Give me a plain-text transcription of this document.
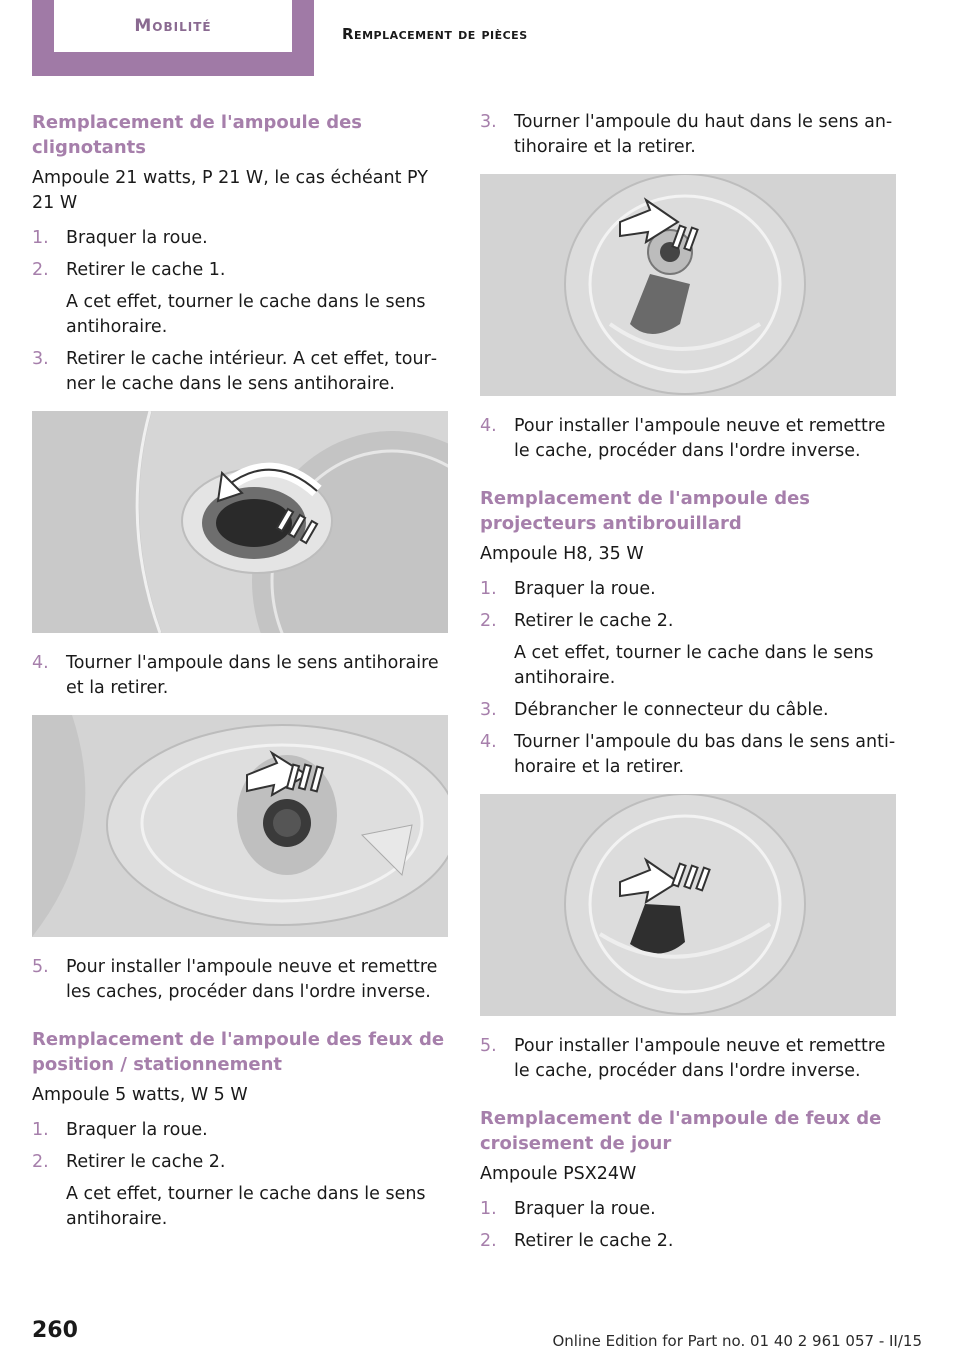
Mobilité	Remplacement de pièces
Remplacement de l'ampoule des clignotants

Ampoule 21 watts, P 21 W, le cas échéant PY 21 W

1. Braquer la roue.

2. Retirer le cache 1.

A cet effet, tourner le cache dans le sens antihoraire.

3. Retirer le cache intérieur. A cet effet, tourner le cache dans le sens antihoraire.

4. Tourner l'ampoule dans le sens antihoraire et la retirer.

5. Pour installer l'ampoule neuve et remettre les caches, procéder dans l'ordre inverse.

Remplacement de l'ampoule des feux de position / stationnement

Ampoule 5 watts, W 5 W

1. Braquer la roue.

2. Retirer le cache 2.

A cet effet, tourner le cache dans le sens antihoraire.

3. Tourner l'ampoule du haut dans le sens antihoraire et la retirer.

4. Pour installer l'ampoule neuve et remettre le cache, procéder dans l'ordre inverse.

Remplacement de l'ampoule des projecteurs antibrouillard

Ampoule H8, 35 W

1. Braquer la roue.

2. Retirer le cache 2.

A cet effet, tourner le cache dans le sens antihoraire.

3. Débrancher le connecteur du câble.

4. Tourner l'ampoule du bas dans le sens antihoraire et la retirer.

5. Pour installer l'ampoule neuve et remettre le cache, procéder dans l'ordre inverse.

Remplacement de l'ampoule de feux de croisement de jour

Ampoule PSX24W

1. Braquer la roue.

2. Retirer le cache 2.

260	Online Edition for Part no. 01 40 2 961 057 - II/15
